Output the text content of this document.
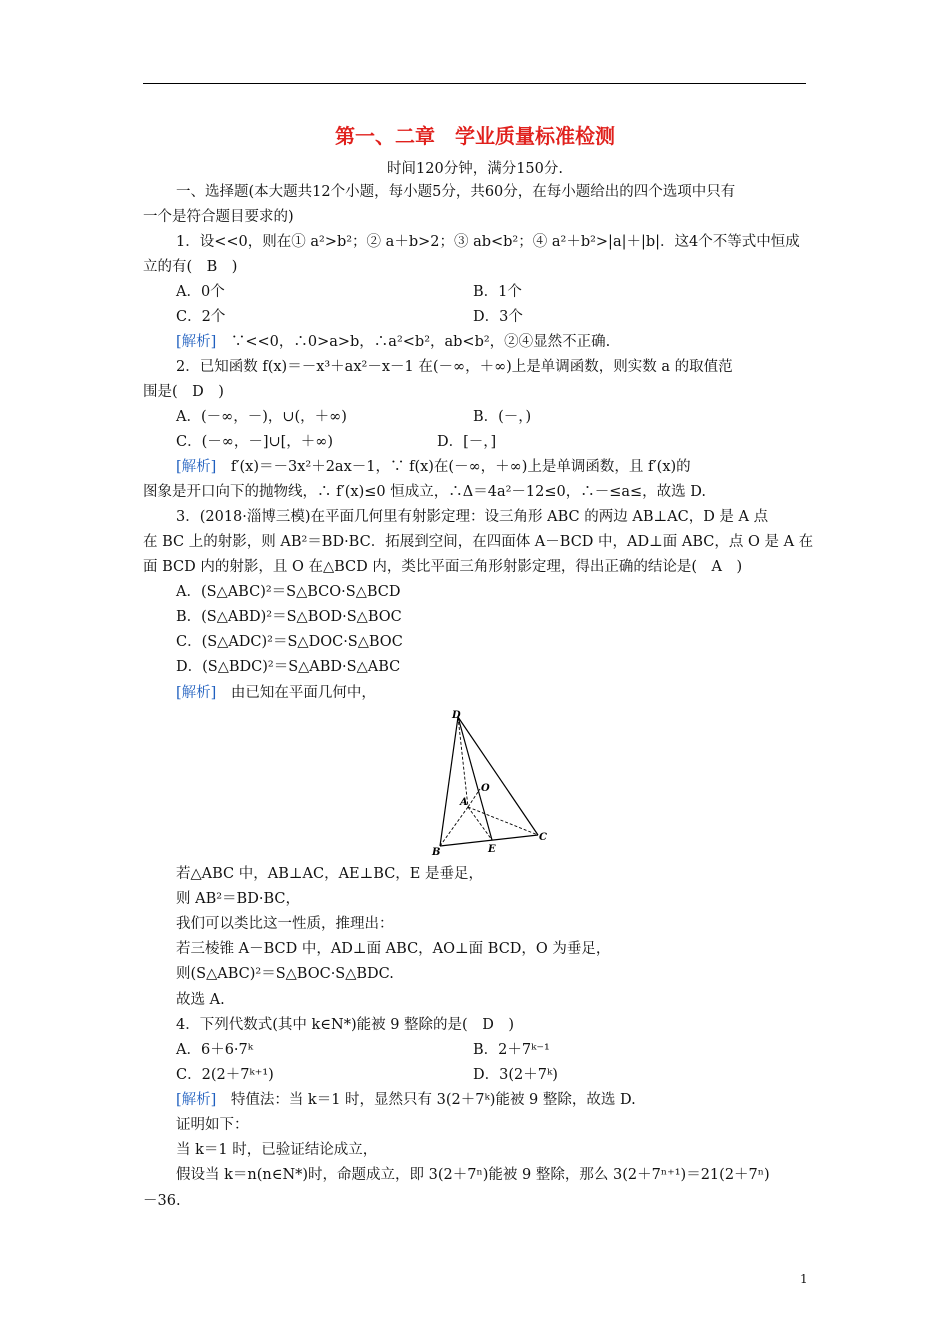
第一、二章　学业质量标准检测
时间120分钟，满分150分.
一、选择题(本大题共12个小题，每小题5分，共60分，在每小题给出的四个选项中只有
一个是符合题目要求的)
1．设<<0，则在① a²>b²；② a＋b>2；③ ab<b²；④ a²＋b²>|a|＋|b|．这4个不等式中恒成
立的有(　B　)
A．0个	B．1个
C．2个	D．3个
[解析]　∵<<0，∴0>a>b，∴a²<b²，ab<b²，②④显然不正确.
2．已知函数 f(x)＝－x³＋ax²－x－1 在(－∞，＋∞)上是单调函数，则实数 a 的取值范
围是(　D　)
A．(－∞，－)，∪(，＋∞)	B．(－，)
C．(－∞，－]∪[，＋∞)	D．[－，]
[解析]　f′(x)＝－3x²＋2ax－1，∵ f(x)在(－∞，＋∞)上是单调函数，且 f′(x)的
图象是开口向下的抛物线，∴ f′(x)≤0 恒成立，∴Δ＝4a²－12≤0，∴－≤a≤，故选 D.
3．(2018·淄博三模)在平面几何里有射影定理：设三角形 ABC 的两边 AB⊥AC，D 是 A 点
在 BC 上的射影，则 AB²＝BD·BC．拓展到空间，在四面体 A－BCD 中，AD⊥面 ABC，点 O 是 A 在
面 BCD 内的射影，且 O 在△BCD 内，类比平面三角形射影定理，得出正确的结论是(　A　)
A．(S△ABC)²＝S△BCO·S△BCD
B．(S△ABD)²＝S△BOD·S△BOC
C．(S△ADC)²＝S△DOC·S△BOC
D．(S△BDC)²＝S△ABD·S△ABC
[解析]　由已知在平面几何中，
D
A
O
B	E
C
若△ABC 中，AB⊥AC，AE⊥BC，E 是垂足，
则 AB²＝BD·BC，
我们可以类比这一性质，推理出：
若三棱锥 A－BCD 中，AD⊥面 ABC，AO⊥面 BCD，O 为垂足，
则(S△ABC)²＝S△BOC·S△BDC.
故选 A.
4．下列代数式(其中 k∈N*)能被 9 整除的是(　D　)
A．6＋6·7ᵏ	B．2＋7ᵏ⁻¹
C．2(2＋7ᵏ⁺¹)	D．3(2＋7ᵏ)
[解析]　特值法：当 k＝1 时，显然只有 3(2＋7ᵏ)能被 9 整除，故选 D.
证明如下：
当 k＝1 时，已验证结论成立，
假设当 k＝n(n∈N*)时，命题成立，即 3(2＋7ⁿ)能被 9 整除，那么 3(2＋7ⁿ⁺¹)＝21(2＋7ⁿ)
－36.
1
